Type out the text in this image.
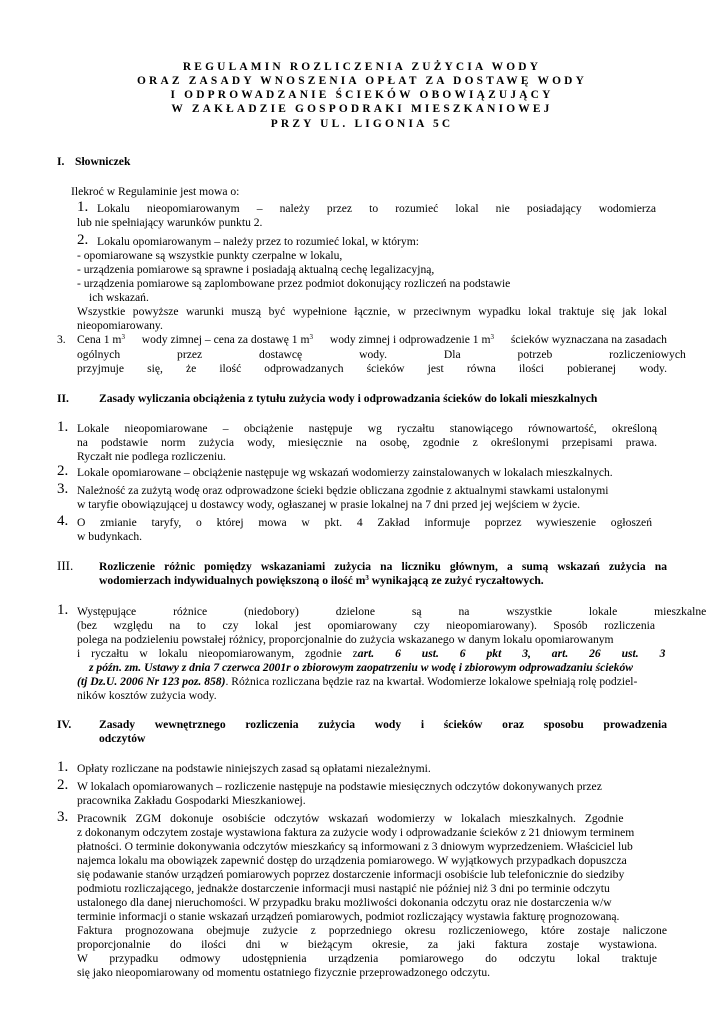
REGULAMIN ROZLICZENIA ZUŻYCIA WODY
ORAZ ZASADY WNOSZENIA OPŁAT ZA DOSTAWĘ WODY
I ODPROWADZANIE ŚCIEKÓW OBOWIĄZUJĄCY
W ZAKŁADZIE GOSPODRAKI MIESZKANIOWEJ
PRZY UL. LIGONIA 5C
I. Słowniczek
Ilekroć w Regulaminie jest mowa o:
1. Lokalu nieopomiarowanym – należy przez to rozumieć lokal nie posiadający wodomierza
lub nie spełniający warunków punktu 2.
2. Lokalu opomiarowanym – należy przez to rozumieć lokal, w którym:
- opomiarowane są wszystkie punkty czerpalne w lokalu,
- urządzenia pomiarowe są sprawne i posiadają aktualną cechę legalizacyjną,
- urządzenia pomiarowe są zaplombowane przez podmiot dokonujący rozliczeń na podstawie
ich wskazań.
Wszystkie powyższe warunki muszą być wypełnione łącznie, w przeciwnym wypadku lokal traktuje się jak lokal
nieopomiarowany.
3. Cena 1 $m^3$ wody zimnej – cena za dostawę 1 $m^3$ wody zimnej i odprowadzenie 1 $m^3$ ścieków wyznaczana na zasadach
ogólnych przez dostawcę wody. Dla potrzeb rozliczeniowych
przyjmuje się, że ilość odprowadzanych ścieków jest równa ilości pobieranej wody.
II.	Zasady wyliczania obciążenia z tytułu zużycia wody i odprowadzania ścieków do lokali mieszkalnych
1. Lokale nieopomiarowane – obciążenie następuje wg ryczałtu stanowiącego równowartość, określoną
na podstawie norm zużycia wody, miesięcznie na osobę, zgodnie z określonymi przepisami prawa.
Ryczałt nie podlega rozliczeniu.
2. Lokale opomiarowane – obciążenie następuje wg wskazań wodomierzy zainstalowanych w lokalach mieszkalnych.
3. Należność za zużytą wodę oraz odprowadzone ścieki będzie obliczana zgodnie z aktualnymi stawkami ustalonymi
w taryfie obowiązującej u dostawcy wody, ogłaszanej w prasie lokalnej na 7 dni przed jej wejściem w życie.
4. O zmianie taryfy, o której mowa w pkt. 4 Zakład informuje poprzez wywieszenie ogłoszeń
w budynkach.
III. Rozliczenie różnic pomiędzy wskazaniami zużycia na liczniku głównym, a sumą wskazań zużycia na
wodomierzach indywidualnych powiększoną o ilość $m^3$ wynikającą ze zużyć ryczałtowych.
1. Występujące różnice (niedobory) dzielone są na wszystkie lokale mieszkalne
(bez względu na to czy lokal jest opomiarowany czy nieopomiarowany). Sposób rozliczenia
polega na podzieleniu powstałej różnicy, proporcjonalnie do zużycia wskazanego w danym lokalu opomiarowanym
i ryczałtu w lokalu nieopomiarowanym, zgodnie z art. 6 ust. 6 pkt 3, art. 26 ust. 3
z późn. zm. Ustawy z dnia 7 czerwca 2001r o zbiorowym zaopatrzeniu w wodę i zbiorowym odprowadzaniu ścieków
(tj Dz.U. 2006 Nr 123 poz. 858). Różnica rozliczana będzie raz na kwartał. Wodomierze lokalowe spełniają rolę podziel-
ników kosztów zużycia wody.
IV. Zasady wewnętrznego rozliczenia zużycia wody i ścieków oraz sposobu prowadzenia
odczytów
1. Opłaty rozliczane na podstawie niniejszych zasad są opłatami niezależnymi.
2. W lokalach opomiarowanych – rozliczenie następuje na podstawie miesięcznych odczytów dokonywanych przez
pracownika Zakładu Gospodarki Mieszkaniowej.
3. Pracownik ZGM dokonuje osobiście odczytów wskazań wodomierzy w lokalach mieszkalnych. Zgodnie
z dokonanym odczytem zostaje wystawiona faktura za zużycie wody i odprowadzanie ścieków z 21 dniowym terminem
płatności. O terminie dokonywania odczytów mieszkańcy są informowani z 3 dniowym wyprzedzeniem. Właściciel lub
najemca lokalu ma obowiązek zapewnić dostęp do urządzenia pomiarowego. W wyjątkowych przypadkach dopuszcza
się podawanie stanów urządzeń pomiarowych poprzez dostarczenie informacji osobiście lub telefonicznie do siedziby
podmiotu rozliczającego, jednakże dostarczenie informacji musi nastąpić nie później niż 3 dni po terminie odczytu
ustalonego dla danej nieruchomości. W przypadku braku możliwości dokonania odczytu oraz nie dostarczenia w/w
terminie informacji o stanie wskazań urządzeń pomiarowych, podmiot rozliczający wystawia fakturę prognozowaną.
Faktura prognozowana obejmuje zużycie z poprzedniego okresu rozliczeniowego, które zostaje naliczone
proporcjonalnie do ilości dni w bieżącym okresie, za jaki faktura zostaje wystawiona.
W przypadku odmowy udostępnienia urządzenia pomiarowego do odczytu lokal traktuje
się jako nieopomiarowany od momentu ostatniego fizycznie przeprowadzonego odczytu.
